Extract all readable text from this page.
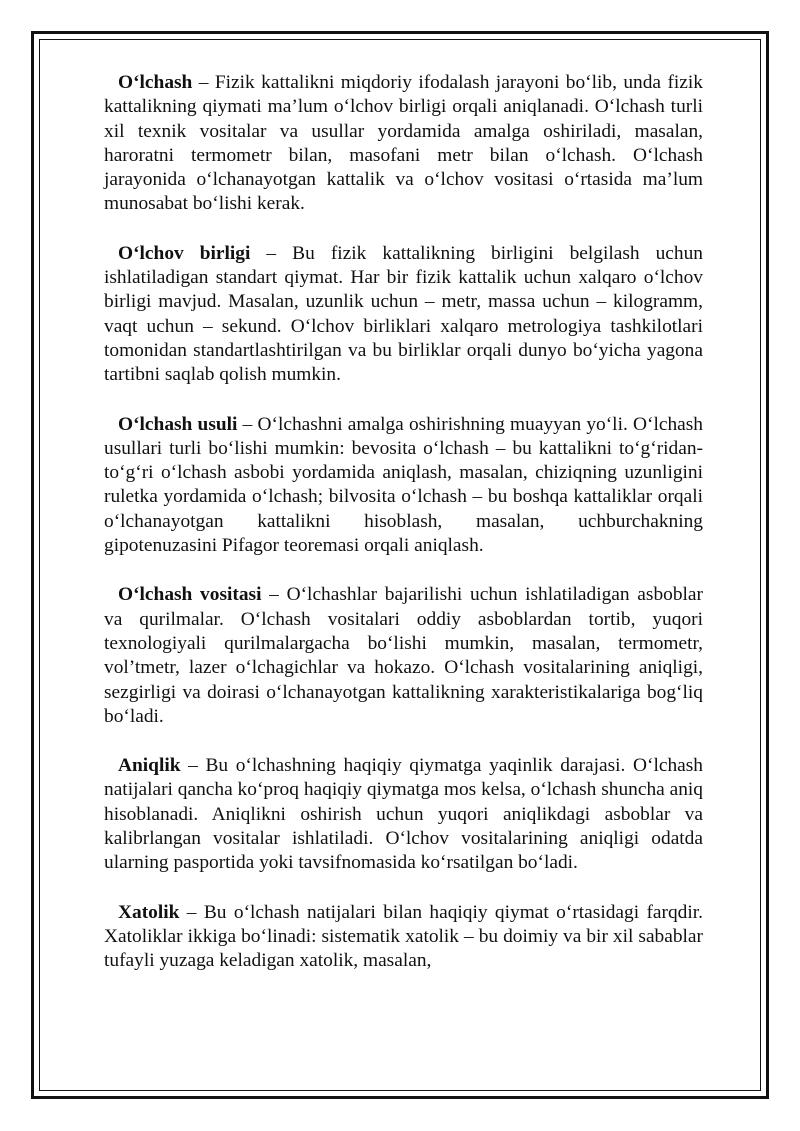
O‘lchash – Fizik kattalikni miqdoriy ifodalash jarayoni bo‘lib, unda fizik kattalikning qiymati ma’lum o‘lchov birligi orqali aniqlanadi. O‘lchash turli xil texnik vositalar va usullar yordamida amalga oshiriladi, masalan, haroratni termometr bilan, masofani metr bilan o‘lchash. O‘lchash jarayonida o‘lchanayotgan kattalik va o‘lchov vositasi o‘rtasida ma’lum munosabat bo‘lishi kerak.

O‘lchov birligi – Bu fizik kattalikning birligini belgilash uchun ishlatiladigan standart qiymat. Har bir fizik kattalik uchun xalqaro o‘lchov birligi mavjud. Masalan, uzunlik uchun – metr, massa uchun – kilogramm, vaqt uchun – sekund. O‘lchov birliklari xalqaro metrologiya tashkilotlari tomonidan standartlashtirilgan va bu birliklar orqali dunyo bo‘yicha yagona tartibni saqlab qolish mumkin.

O‘lchash usuli – O‘lchashni amalga oshirishning muayyan yo‘li. O‘lchash usullari turli bo‘lishi mumkin: bevosita o‘lchash – bu kattalikni to‘g‘ridan-to‘g‘ri o‘lchash asbobi yordamida aniqlash, masalan, chiziqning uzunligini ruletka yordamida o‘lchash; bilvosita o‘lchash – bu boshqa kattaliklar orqali o‘lchanayotgan kattalikni hisoblash, masalan, uchburchakning gipotenuzasini Pifagor teoremasi orqali aniqlash.

O‘lchash vositasi – O‘lchashlar bajarilishi uchun ishlatiladigan asboblar va qurilmalar. O‘lchash vositalari oddiy asboblardan tortib, yuqori texnologiyali qurilmalargacha bo‘lishi mumkin, masalan, termometr, vol’tmetr, lazer o‘lchagichlar va hokazo. O‘lchash vositalarining aniqligi, sezgirligi va doirasi o‘lchanayotgan kattalikning xarakteristikalariga bog‘liq bo‘ladi.

Aniqlik – Bu o‘lchashning haqiqiy qiymatga yaqinlik darajasi. O‘lchash natijalari qancha ko‘proq haqiqiy qiymatga mos kelsa, o‘lchash shuncha aniq hisoblanadi. Aniqlikni oshirish uchun yuqori aniqlikdagi asboblar va kalibrlangan vositalar ishlatiladi. O‘lchov vositalarining aniqligi odatda ularning pasportida yoki tavsifnomasida ko‘rsatilgan bo‘ladi.

Xatolik – Bu o‘lchash natijalari bilan haqiqiy qiymat o‘rtasidagi farqdir. Xatoliklar ikkiga bo‘linadi: sistematik xatolik – bu doimiy va bir xil sabablar tufayli yuzaga keladigan xatolik, masalan,
